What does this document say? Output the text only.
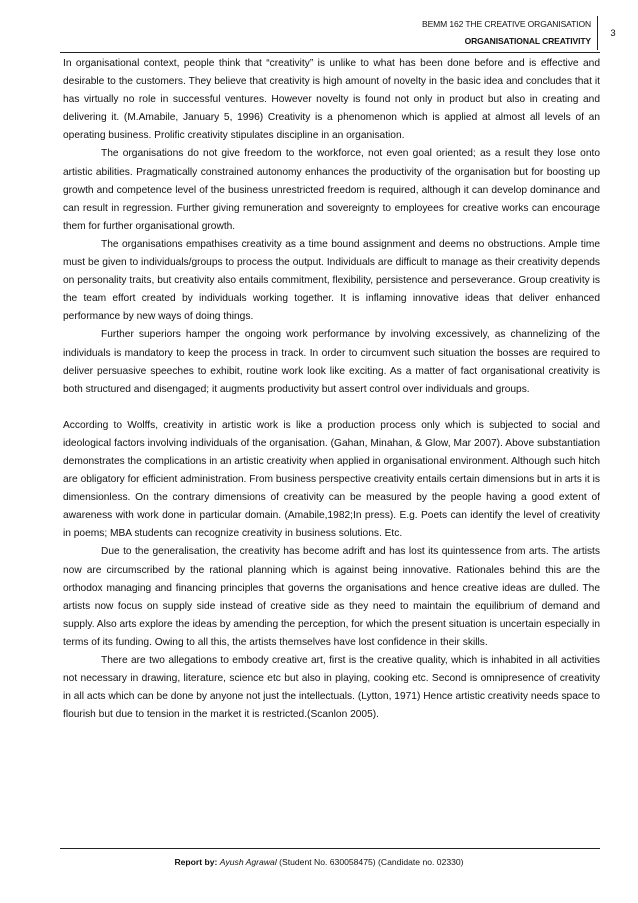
BEMM 162 THE CREATIVE ORGANISATION
ORGANISATIONAL CREATIVITY
3

In organisational context, people think that “creativity” is unlike to what has been done before and is effective and desirable to the customers. They believe that creativity is high amount of novelty in the basic idea and concludes that it has virtually no role in successful ventures. However novelty is found not only in product but also in creating and delivering it. (M.Amabile, January 5, 1996) Creativity is a phenomenon which is applied at almost all levels of an operating business. Prolific creativity stipulates discipline in an organisation.

The organisations do not give freedom to the workforce, not even goal oriented; as a result they lose onto artistic abilities. Pragmatically constrained autonomy enhances the productivity of the organisation but for boosting up growth and competence level of the business unrestricted freedom is required, although it can develop dominance and can result in regression. Further giving remuneration and sovereignty to employees for creative works can encourage them for further organisational growth.

The organisations empathises creativity as a time bound assignment and deems no obstructions. Ample time must be given to individuals/groups to process the output. Individuals are difficult to manage as their creativity depends on personality traits, but creativity also entails commitment, flexibility, persistence and perseverance. Group creativity is the team effort created by individuals working together. It is inflaming innovative ideas that deliver enhanced performance by new ways of doing things.

Further superiors hamper the ongoing work performance by involving excessively, as channelizing of the individuals is mandatory to keep the process in track. In order to circumvent such situation the bosses are required to deliver persuasive speeches to exhibit, routine work look like exciting. As a matter of fact organisational creativity is both structured and disengaged; it augments productivity but assert control over individuals and groups.

According to Wolffs, creativity in artistic work is like a production process only which is subjected to social and ideological factors involving individuals of the organisation. (Gahan, Minahan, & Glow, Mar 2007). Above substantiation demonstrates the complications in an artistic creativity when applied in organisational environment. Although such hitch are obligatory for efficient administration. From business perspective creativity entails certain dimensions but in arts it is dimensionless. On the contrary dimensions of creativity can be measured by the people having a good extent of awareness with work done in particular domain. (Amabile,1982;In press). E.g. Poets can identify the level of creativity in poems; MBA students can recognize creativity in business solutions. Etc.

Due to the generalisation, the creativity has become adrift and has lost its quintessence from arts. The artists now are circumscribed by the rational planning which is against being innovative. Rationales behind this are the orthodox managing and financing principles that governs the organisations and hence creative ideas are dulled. The artists now focus on supply side instead of creative side as they need to maintain the equilibrium of demand and supply. Also arts explore the ideas by amending the perception, for which the present situation is uncertain especially in terms of its funding. Owing to all this, the artists themselves have lost confidence in their skills.

There are two allegations to embody creative art, first is the creative quality, which is inhabited in all activities not necessary in drawing, literature, science etc but also in playing, cooking etc. Second is omnipresence of creativity in all acts which can be done by anyone not just the intellectuals. (Lytton, 1971) Hence artistic creativity needs space to flourish but due to tension in the market it is restricted.(Scanlon 2005).

Report by: Ayush Agrawal (Student No. 630058475) (Candidate no. 02330)
